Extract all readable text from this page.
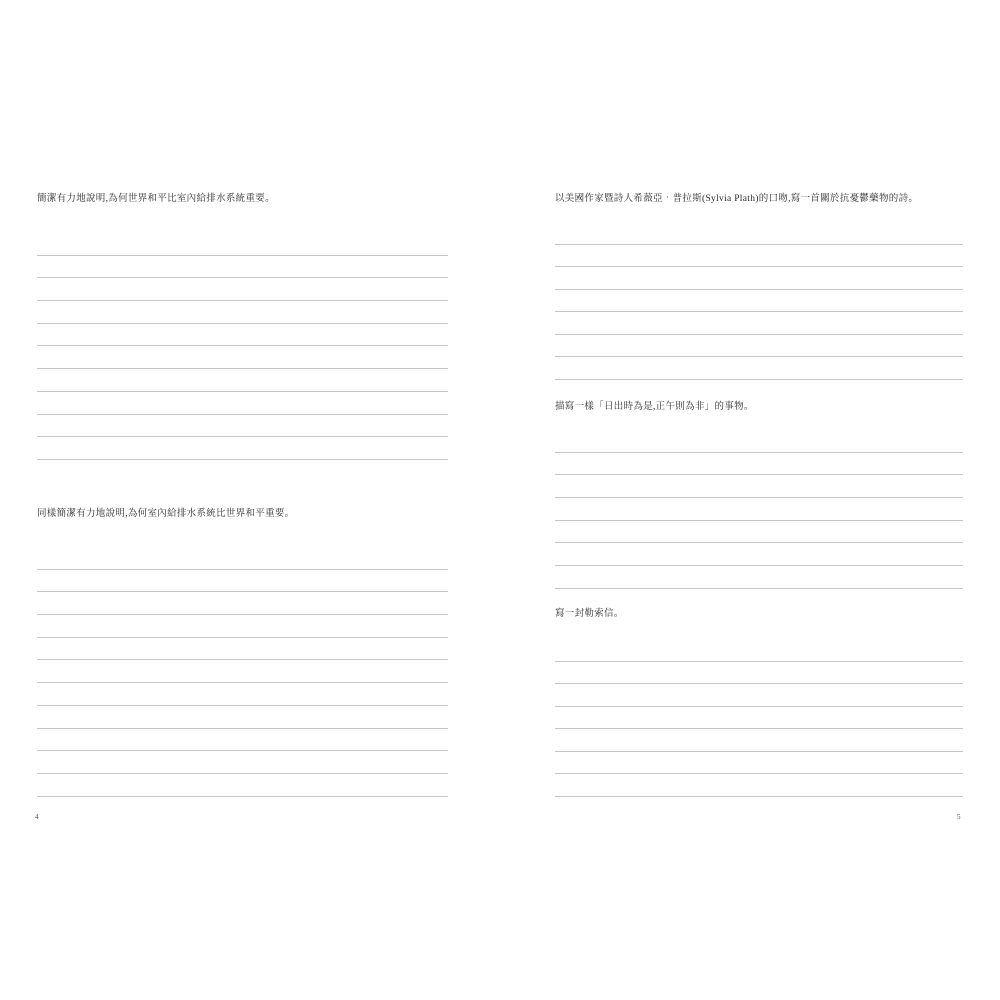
簡潔有力地說明,為何世界和平比室內給排水系統重要。
同樣簡潔有力地說明,為何室內給排水系統比世界和平重要。
4
以美國作家暨詩人希薇亞‧普拉斯(Sylvia Plath)的口吻,寫一首關於抗憂鬱藥物的詩。
描寫一樣「日出時為是,正午則為非」的事物。
寫一封勒索信。
5
